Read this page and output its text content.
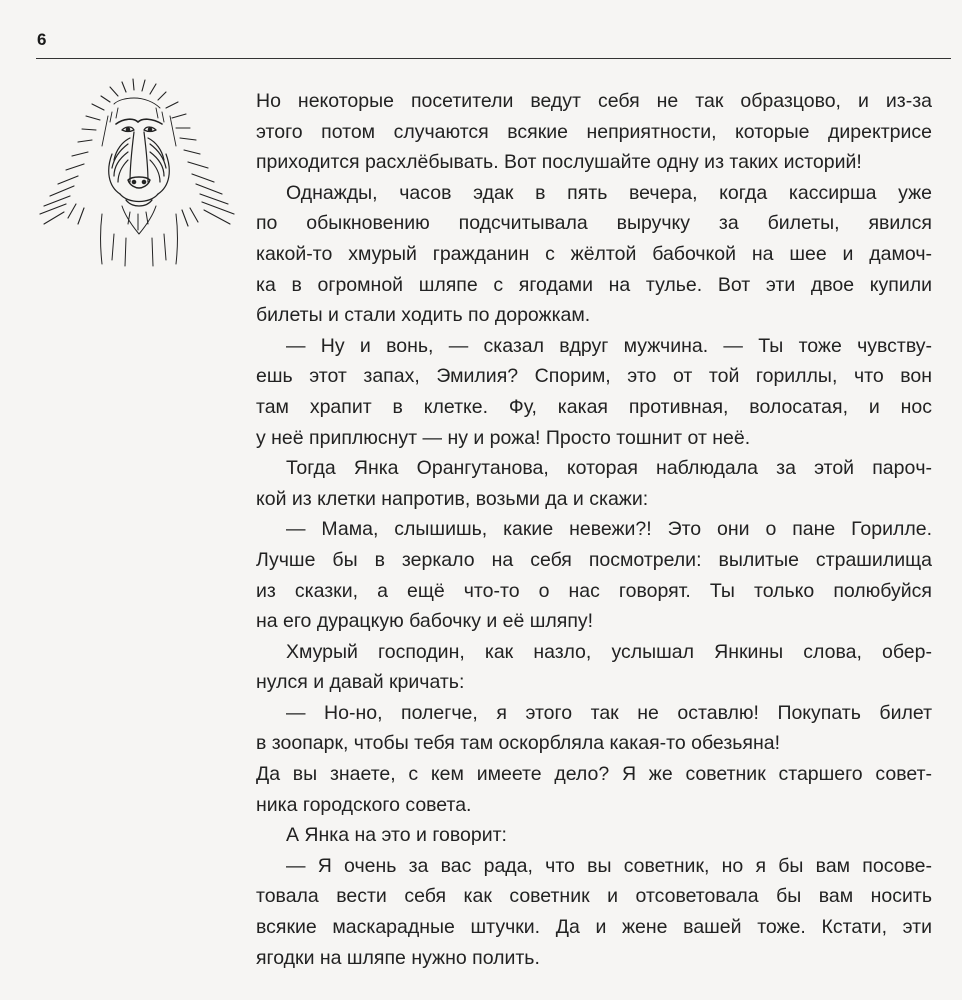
6
Но некоторые посетители ведут себя не так образцово, и из-за
этого потом случаются всякие неприятности, которые директрисе
приходится расхлёбывать. Вот послушайте одну из таких историй!
Однажды, часов эдак в пять вечера, когда кассирша уже
по обыкновению подсчитывала выручку за билеты, явился
какой-то хмурый гражданин с жёлтой бабочкой на шее и дамоч-
ка в огромной шляпе с ягодами на тулье. Вот эти двое купили
билеты и стали ходить по дорожкам.
— Ну и вонь, — сказал вдруг мужчина. — Ты тоже чувству-
ешь этот запах, Эмилия? Спорим, это от той гориллы, что вон
там храпит в клетке. Фу, какая противная, волосатая, и нос
у неё приплюснут — ну и рожа! Просто тошнит от неё.
Тогда Янка Орангутанова, которая наблюдала за этой парoч-
кой из клетки напротив, возьми да и скажи:
— Мама, слышишь, какие невежи?! Это они о пане Горилле.
Лучше бы в зеркало на себя посмотрели: вылитые страшилища
из сказки, а ещё что-то о нас говорят. Ты только полюбуйся
на его дурацкую бабочку и её шляпу!
Хмурый господин, как назло, услышал Янкины слова, обер-
нулся и давай кричать:
— Но-но, полегче, я этого так не оставлю! Покупать билет
в зоопарк, чтобы тебя там оскорбляла какая-то обезьяна!
Да вы знаете, с кем имеете дело? Я же советник старшего совет-
ника городского совета.
А Янка на это и говорит:
— Я очень за вас рада, что вы советник, но я бы вам посове-
товала вести себя как советник и отсоветовала бы вам носить
всякие маскарадные штучки. Да и жене вашей тоже. Кстати, эти
ягодки на шляпе нужно полить.
